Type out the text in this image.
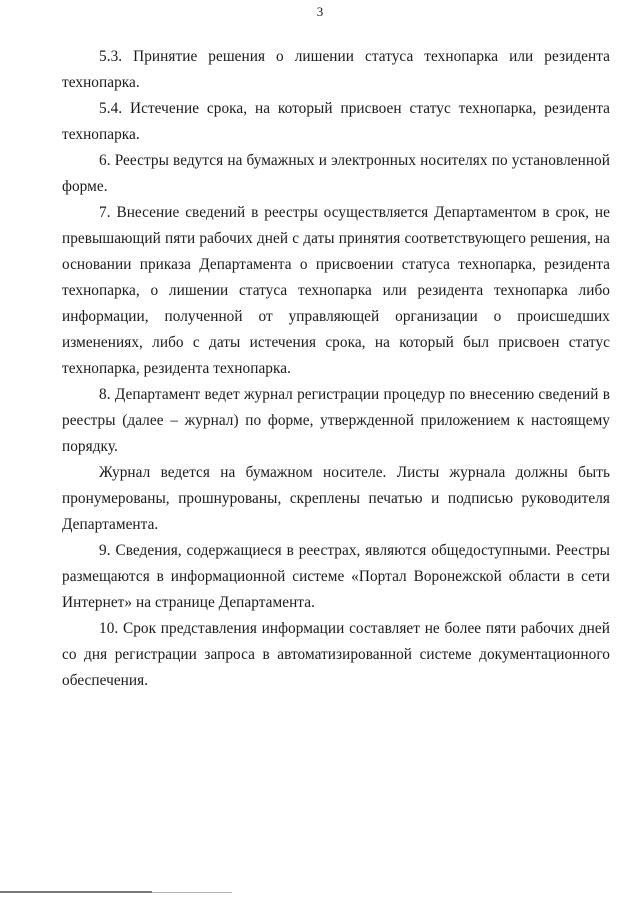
3

5.3. Принятие решения о лишении статуса технопарка или резидента технопарка.

5.4. Истечение срока, на который присвоен статус технопарка, резидента технопарка.

6. Реестры ведутся на бумажных и электронных носителях по установленной форме.

7. Внесение сведений в реестры осуществляется Департаментом в срок, не превышающий пяти рабочих дней с даты принятия соответствующего решения, на основании приказа Департамента о присвоении статуса технопарка, резидента технопарка, о лишении статуса технопарка или резидента технопарка либо информации, полученной от управляющей организации о происшедших изменениях, либо с даты истечения срока, на который был присвоен статус технопарка, резидента технопарка.

8. Департамент ведет журнал регистрации процедур по внесению сведений в реестры (далее – журнал) по форме, утвержденной приложением к настоящему порядку.

Журнал ведется на бумажном носителе. Листы журнала должны быть пронумерованы, прошнурованы, скреплены печатью и подписью руководителя Департамента.

9. Сведения, содержащиеся в реестрах, являются общедоступными. Реестры размещаются в информационной системе «Портал Воронежской области в сети Интернет» на странице Департамента.

10. Срок представления информации составляет не более пяти рабочих дней со дня регистрации запроса в автоматизированной системе документационного обеспечения.
